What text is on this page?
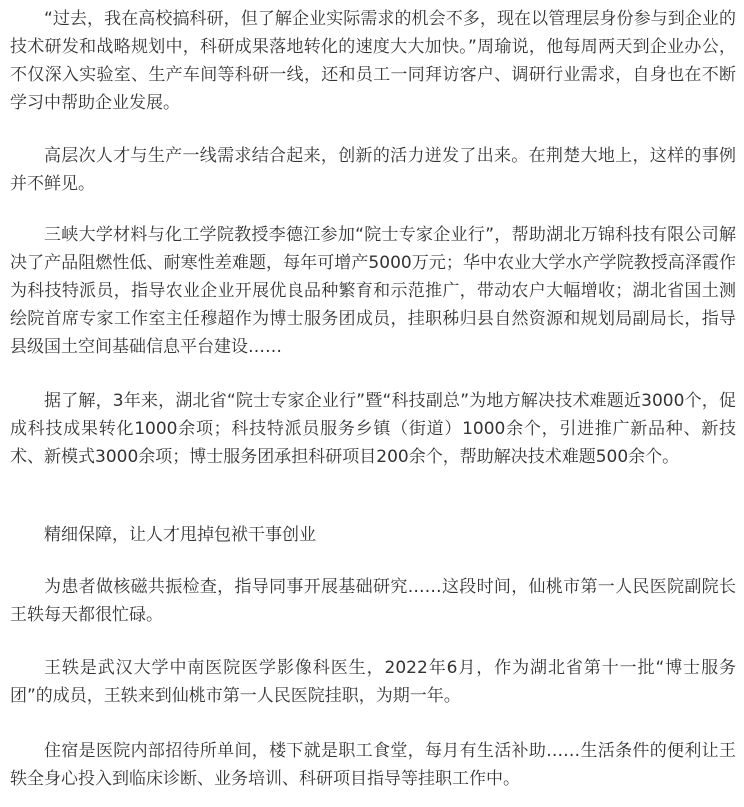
“过去，我在高校搞科研，但了解企业实际需求的机会不多，现在以管理层身份参与到企业的技术研发和战略规划中，科研成果落地转化的速度大大加快。”周瑜说，他每周两天到企业办公，不仅深入实验室、生产车间等科研一线，还和员工一同拜访客户、调研行业需求，自身也在不断学习中帮助企业发展。

高层次人才与生产一线需求结合起来，创新的活力迸发了出来。在荆楚大地上，这样的事例并不鲜见。

三峡大学材料与化工学院教授李德江参加“院士专家企业行”，帮助湖北万锦科技有限公司解决了产品阻燃性低、耐寒性差难题，每年可增产5000万元；华中农业大学水产学院教授高泽霞作为科技特派员，指导农业企业开展优良品种繁育和示范推广，带动农户大幅增收；湖北省国土测绘院首席专家工作室主任穆超作为博士服务团成员，挂职秭归县自然资源和规划局副局长，指导县级国土空间基础信息平台建设……

据了解，3年来，湖北省“院士专家企业行”暨“科技副总”为地方解决技术难题近3000个，促成科技成果转化1000余项；科技特派员服务乡镇（街道）1000余个，引进推广新品种、新技术、新模式3000余项；博士服务团承担科研项目200余个，帮助解决技术难题500余个。

精细保障，让人才甩掉包袱干事创业

为患者做核磁共振检查，指导同事开展基础研究……这段时间，仙桃市第一人民医院副院长王轶每天都很忙碌。

王轶是武汉大学中南医院医学影像科医生，2022年6月，作为湖北省第十一批“博士服务团”的成员，王轶来到仙桃市第一人民医院挂职，为期一年。

住宿是医院内部招待所单间，楼下就是职工食堂，每月有生活补助……生活条件的便利让王轶全身心投入到临床诊断、业务培训、科研项目指导等挂职工作中。
